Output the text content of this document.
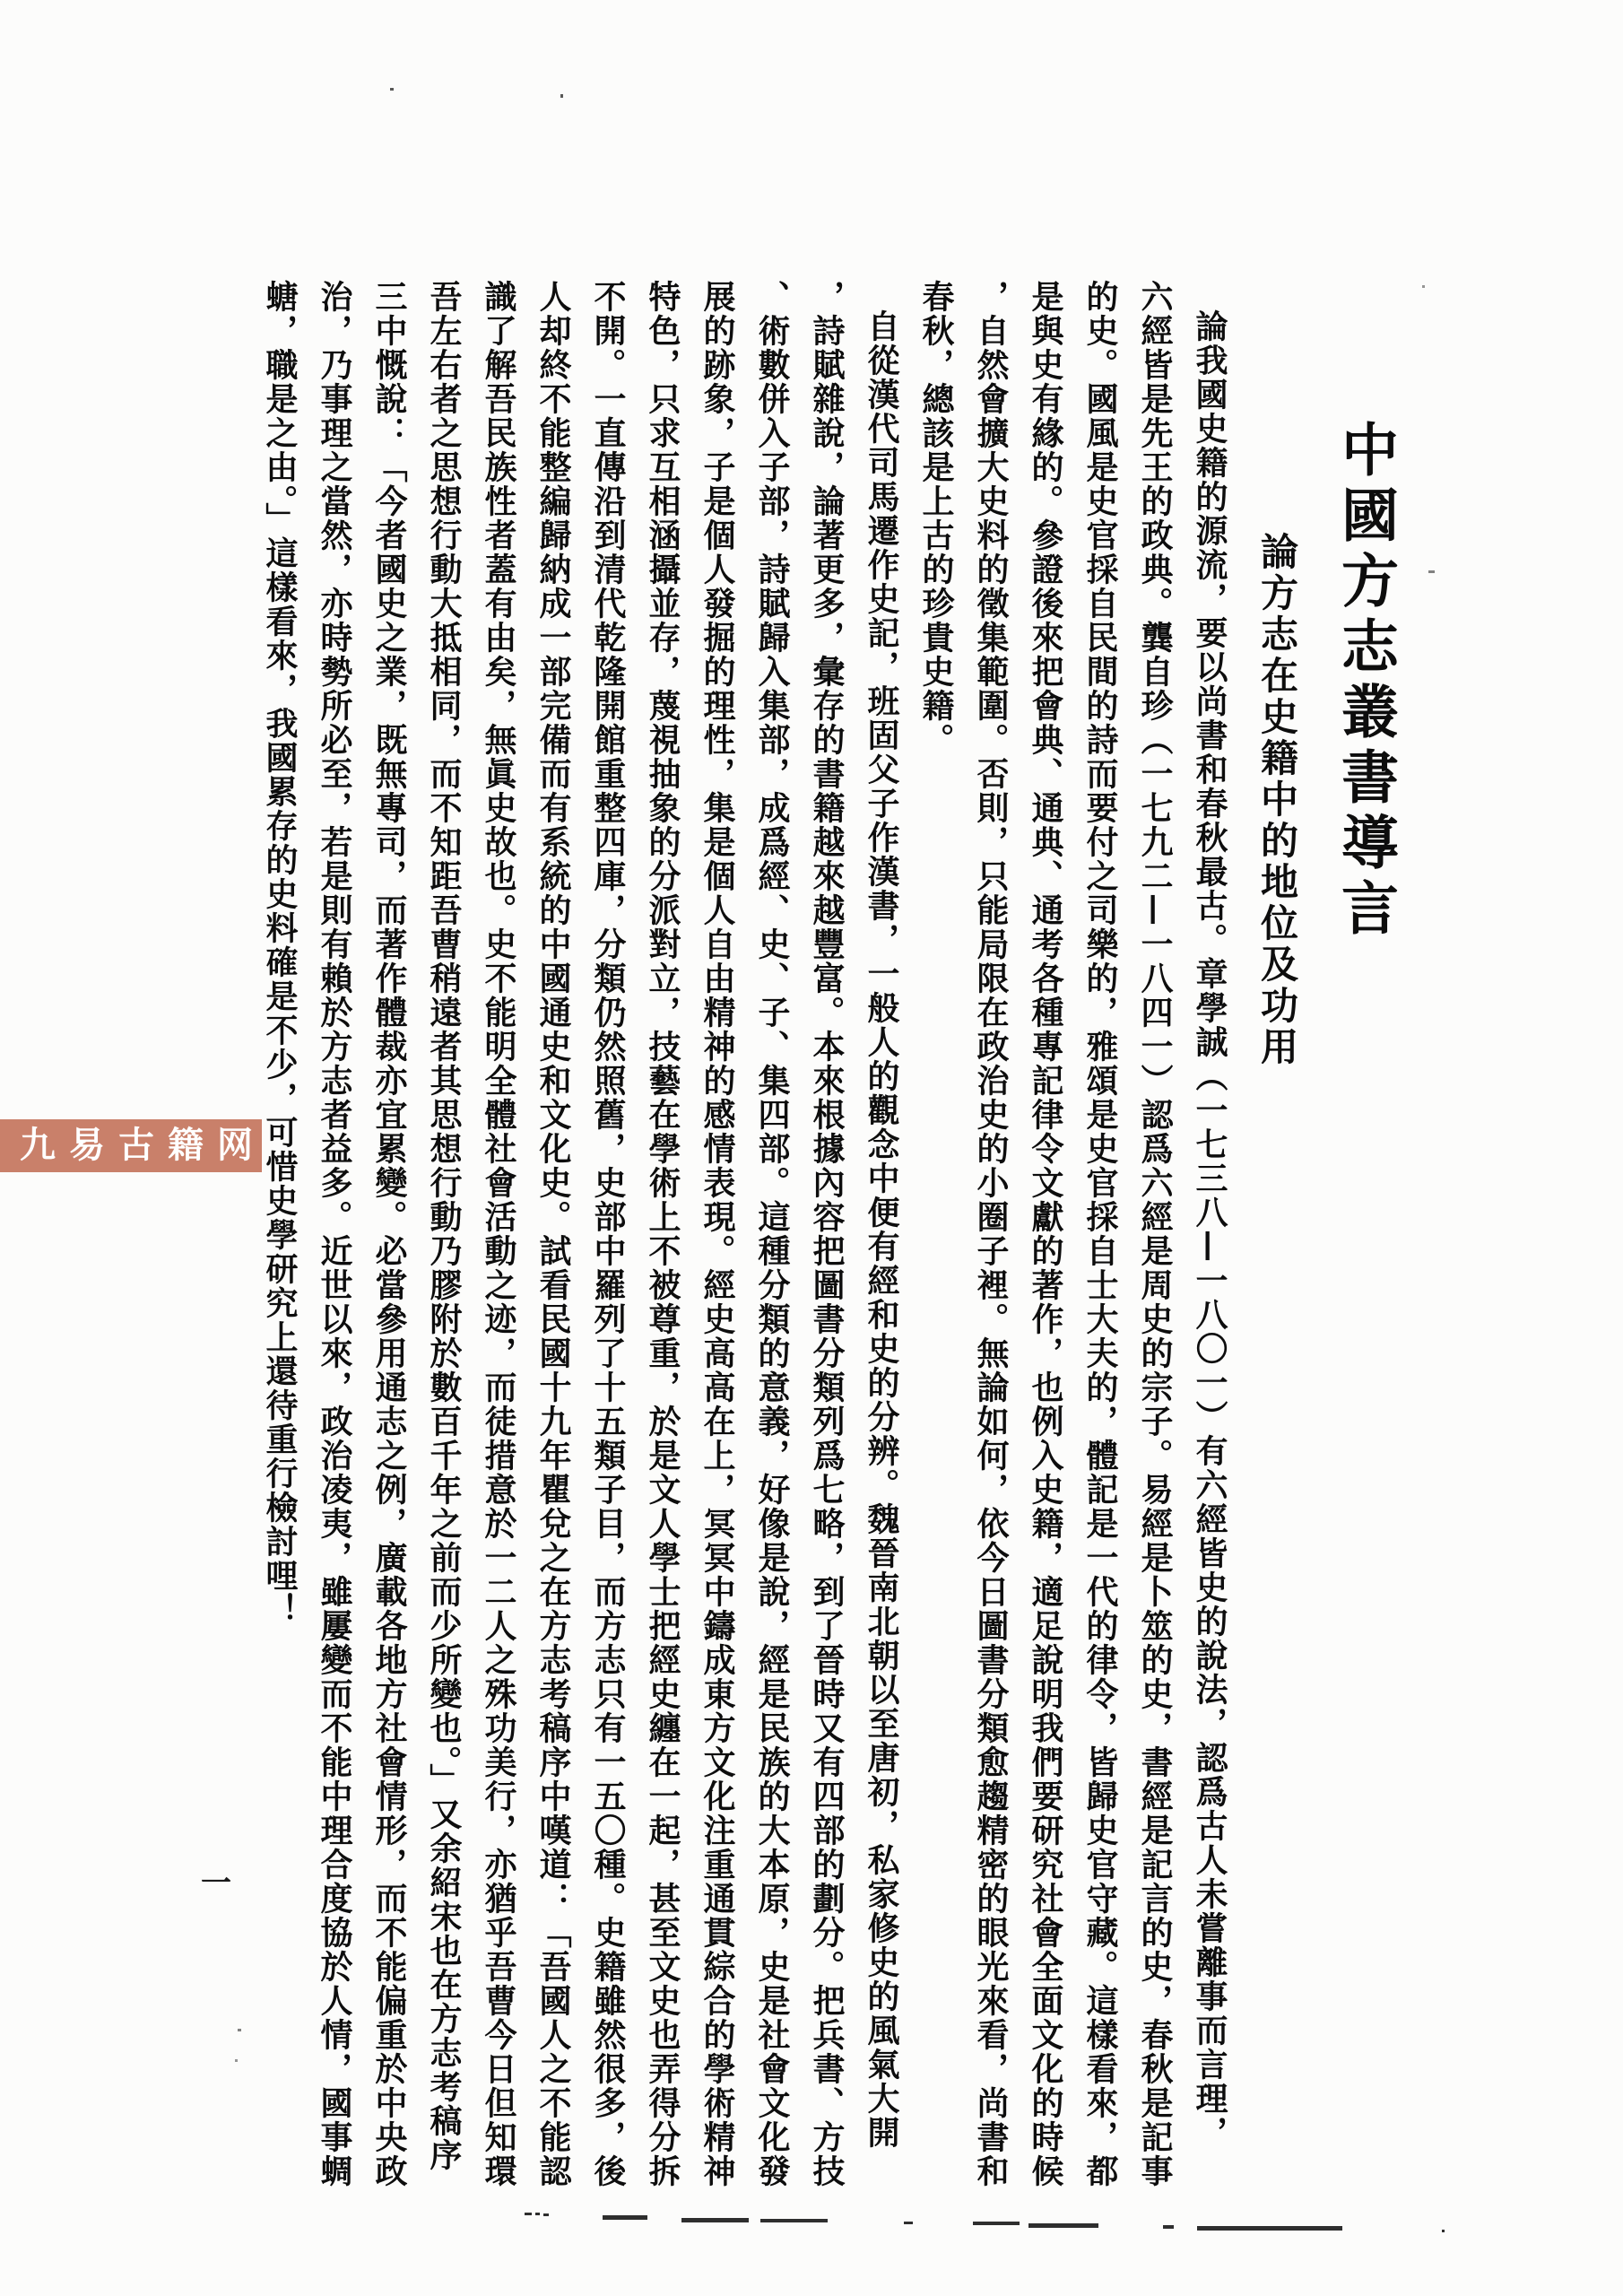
中國方志叢書導言
論方志在史籍中的地位及功用
論我國史籍的源流，要以尚書和春秋最古。章學誠（一七三八—一八〇一）有六經皆史的說法，認爲古人未嘗離事而言理，
六經皆是先王的政典。龔自珍（一七九二—一八四一）認爲六經是周史的宗子。易經是卜筮的史，書經是記言的史，春秋是記事
的史。國風是史官採自民間的詩而要付之司樂的，雅頌是史官採自士大夫的，體記是一代的律令，皆歸史官守藏。這樣看來，都
是與史有緣的。參證後來把會典、通典、通考各種專記律令文獻的著作，也例入史籍，適足說明我們要研究社會全面文化的時候
，自然會擴大史料的徵集範圍。否則，只能局限在政治史的小圈子裡。無論如何，依今日圖書分類愈趨精密的眼光來看，尚書和
春秋，總該是上古的珍貴史籍。
自從漢代司馬遷作史記，班固父子作漢書，一般人的觀念中便有經和史的分辨。魏晉南北朝以至唐初，私家修史的風氣大開
，詩賦雜說，論著更多，彙存的書籍越來越豐富。本來根據內容把圖書分類列爲七略，到了晉時又有四部的劃分。把兵書、方技
、術數併入子部，詩賦歸入集部，成爲經、史、子、集四部。這種分類的意義，好像是說，經是民族的大本原，史是社會文化發
展的跡象，子是個人發掘的理性，集是個人自由精神的感情表現。經史高高在上，冥冥中鑄成東方文化注重通貫綜合的學術精神
特色，只求互相涵攝並存，蔑視抽象的分派對立，技藝在學術上不被尊重，於是文人學士把經史纏在一起，甚至文史也弄得分拆
不開。一直傳沿到清代乾隆開館重整四庫，分類仍然照舊，史部中羅列了十五類子目，而方志只有一五〇種。史籍雖然很多，後
人却終不能整編歸納成一部完備而有系統的中國通史和文化史。試看民國十九年瞿兌之在方志考稿序中嘆道：「吾國人之不能認
識了解吾民族性者蓋有由矣，無眞史故也。史不能明全體社會活動之迹，而徒措意於一二人之殊功美行，亦猶乎吾曹今日但知環
吾左右者之思想行動大抵相同，而不知距吾曹稍遠者其思想行動乃膠附於數百千年之前而少所變也。」又余紹宋也在方志考稿序
三中慨說：「今者國史之業，既無專司，而著作體裁亦宜累變。必當參用通志之例，廣載各地方社會情形，而不能偏重於中央政
治，乃事理之當然，亦時勢所必至，若是則有賴於方志者益多。近世以來，政治凌夷，雖屢變而不能中理合度協於人情，國事蜩
螗，職是之由。」這樣看來，我國累存的史料確是不少，可惜史學研究上還待重行檢討哩！
九易古籍网
一
